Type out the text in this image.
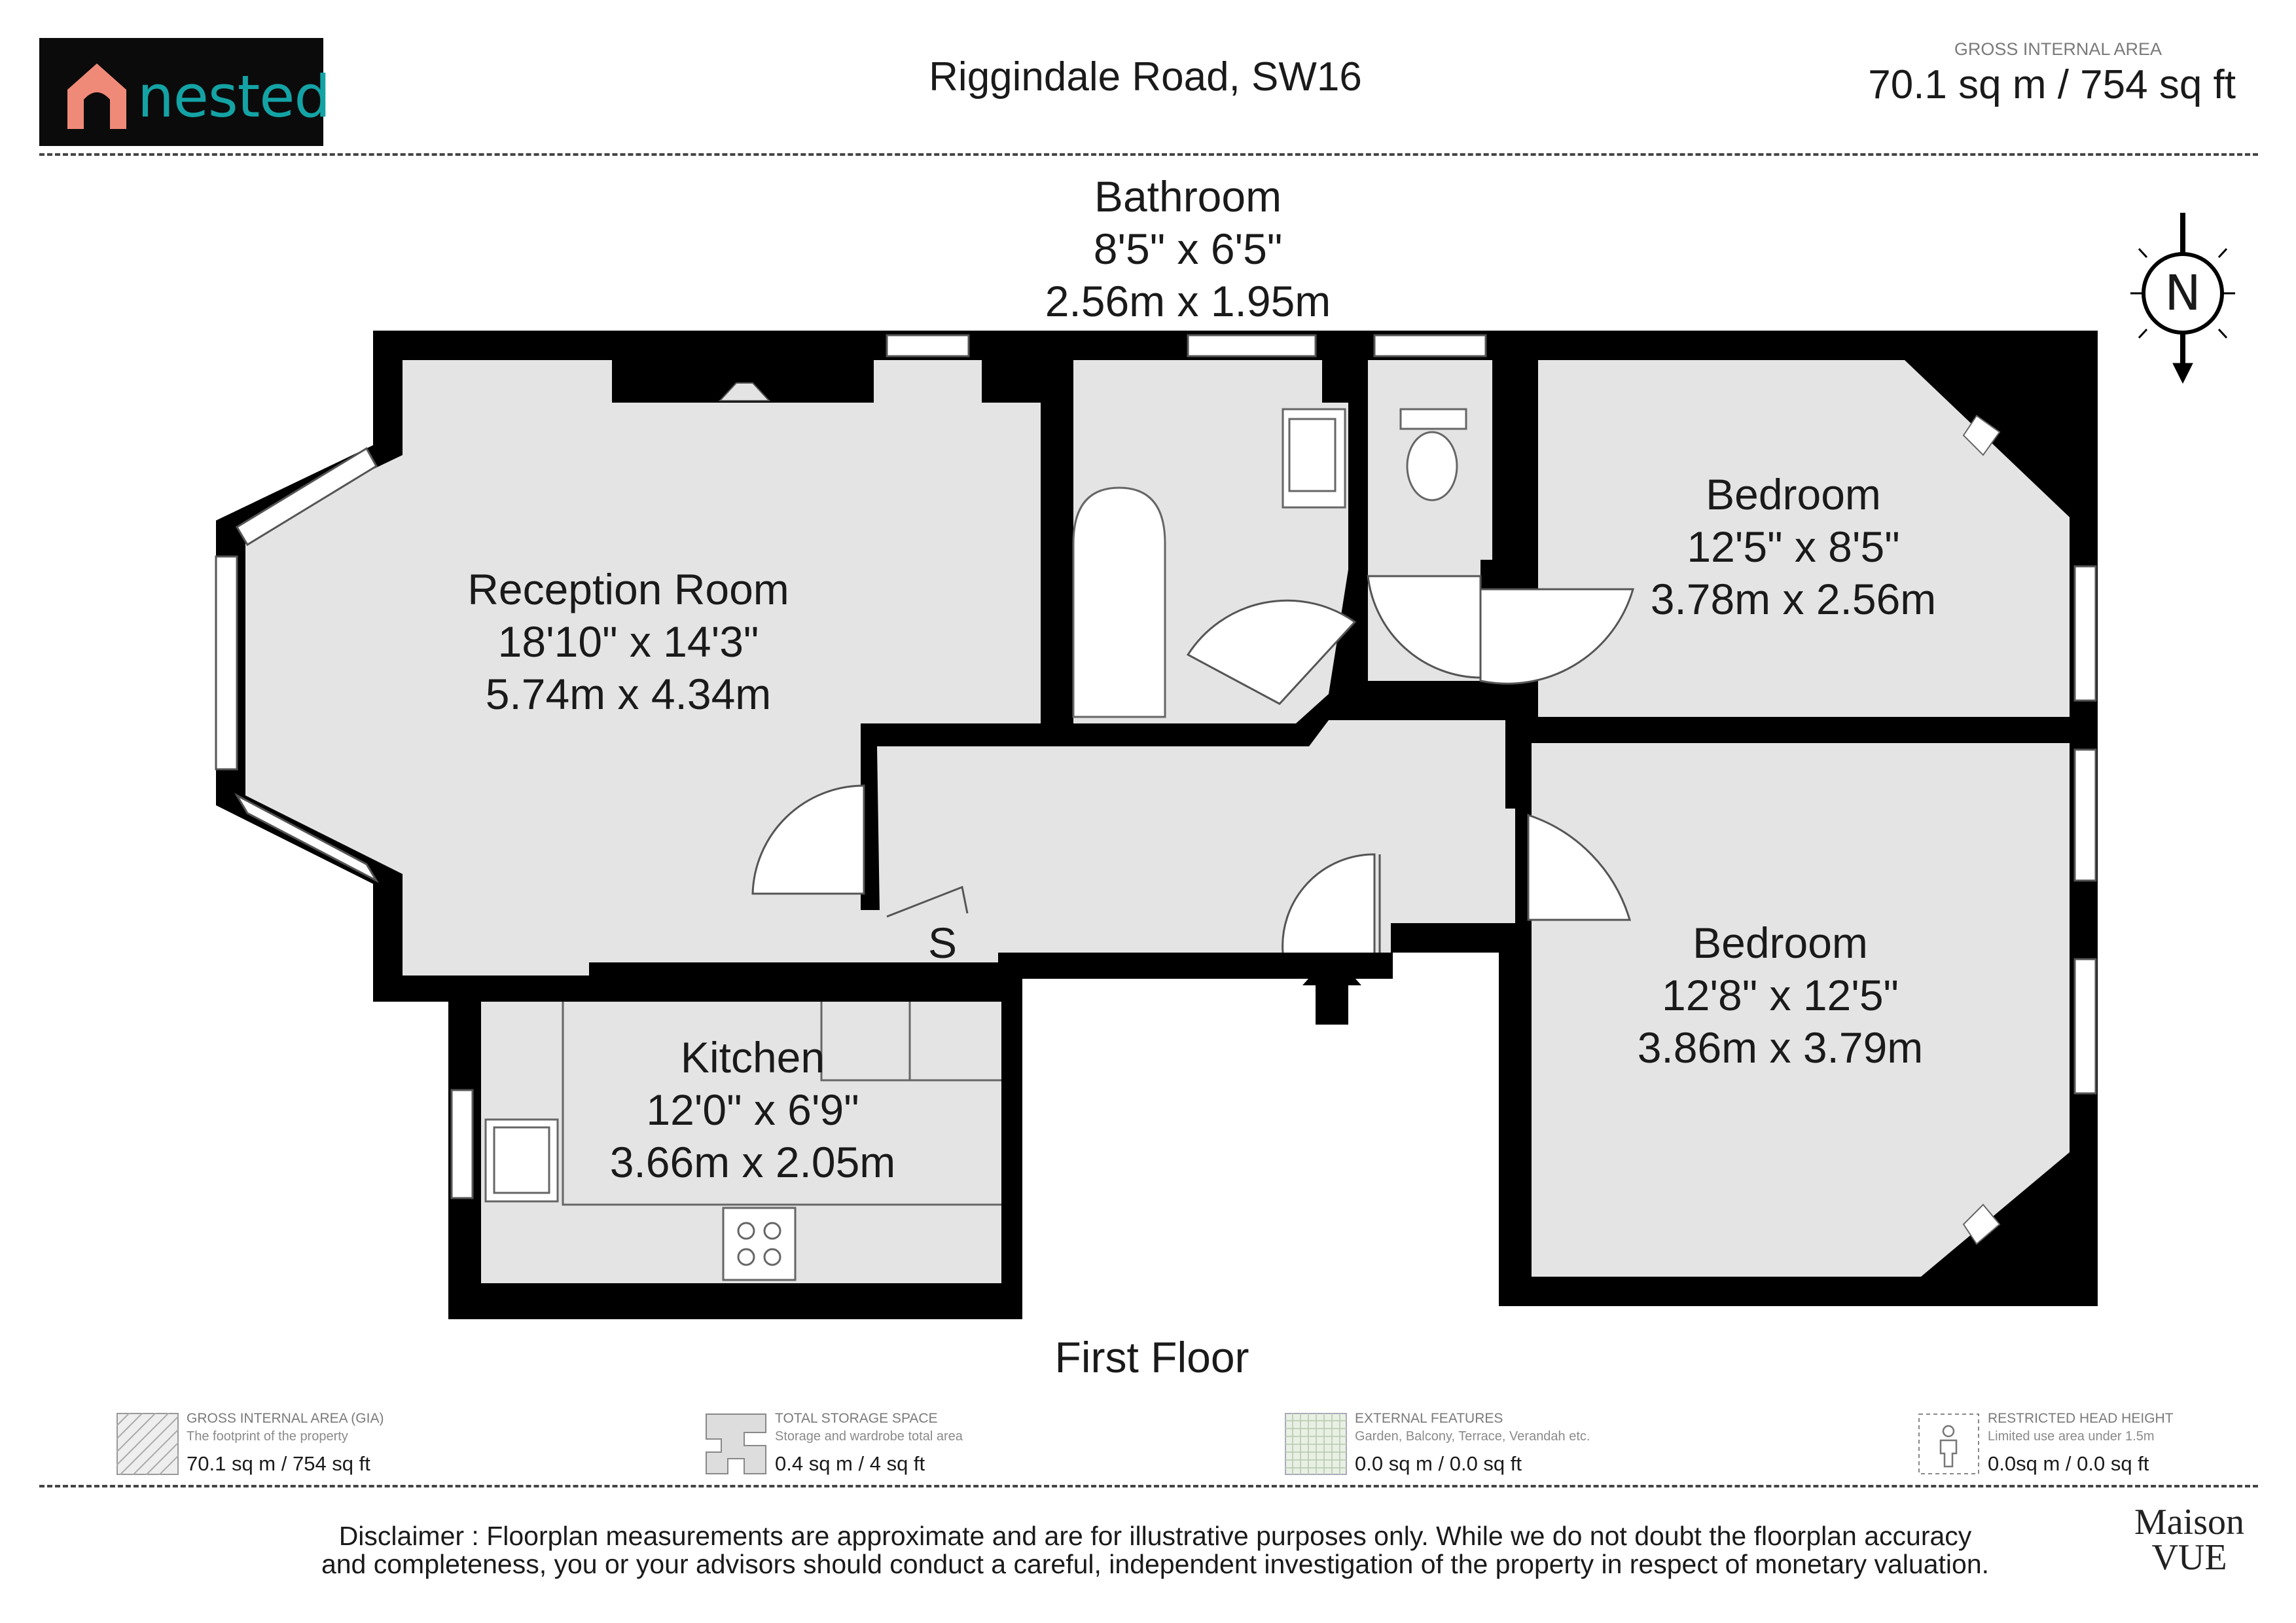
nested	Riggindale Road, SW16
GROSS INTERNAL AREA
70.1 sq m / 754 sq ft
N
Bathroom
8'5" x 6'5"
2.56m x 1.95m
Reception Room
18'10" x 14'3"
5.74m x 4.34m
Bedroom
12'5" x 8'5"
3.78m x 2.56m
Bedroom
12'8" x 12'5"
3.86m x 3.79m
Kitchen
12'0" x 6'9"
3.66m x 2.05m
S
First Floor
GROSS INTERNAL AREA (GIA)
The footprint of the property
70.1 sq m / 754 sq ft
TOTAL STORAGE SPACE
Storage and wardrobe total area
0.4 sq m / 4 sq ft
EXTERNAL FEATURES
Garden, Balcony, Terrace, Verandah etc.
0.0 sq m / 0.0 sq ft
RESTRICTED HEAD HEIGHT
Limited use area under 1.5m
0.0sq m / 0.0 sq ft
Disclaimer : Floorplan measurements are approximate and are for illustrative purposes only. While we do not doubt the floorplan accuracy
and completeness, you or your advisors should conduct a careful, independent investigation of the property in respect of monetary valuation.
Maison
VUE
